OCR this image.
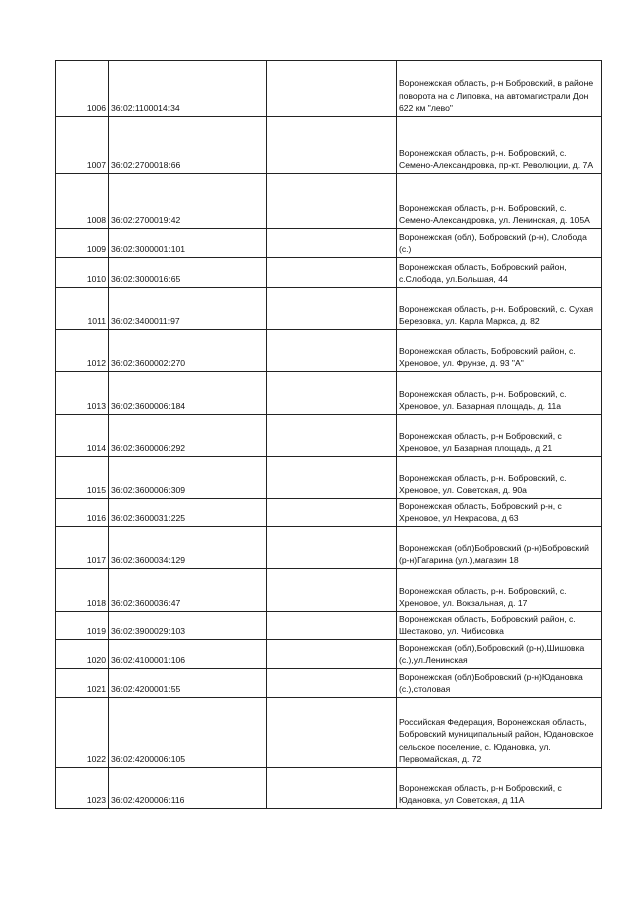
1006	36:02:1100014:34		Воронежская область, р-н Бобровский, в районе поворота на с Липовка, на автомагистрали Дон 622 км "лево"
1007	36:02:2700018:66		Воронежская область, р-н. Бобровский, с. Семено-Александровка, пр-кт. Революции, д. 7А
1008	36:02:2700019:42		Воронежская область, р-н. Бобровский, с. Семено-Александровка, ул. Ленинская, д. 105А
1009	36:02:3000001:101		Воронежская (обл), Бобровский (р-н), Слобода (с.)
1010	36:02:3000016:65		Воронежская область, Бобровский район, с.Слобода, ул.Большая, 44
1011	36:02:3400011:97		Воронежская область, р-н. Бобровский, с. Сухая Березовка, ул. Карла Маркса, д. 82
1012	36:02:3600002:270		Воронежская область, Бобровский район, с. Хреновое, ул. Фрунзе, д. 93 "А"
1013	36:02:3600006:184		Воронежская область, р-н. Бобровский, с. Хреновое, ул. Базарная площадь, д. 11а
1014	36:02:3600006:292		Воронежская область, р-н Бобровский, с Хреновое, ул Базарная площадь, д 21
1015	36:02:3600006:309		Воронежская область, р-н. Бобровский, с. Хреновое, ул. Советская, д. 90а
1016	36:02:3600031:225		Воронежская область, Бобровский р-н, с Хреновое, ул Некрасова, д 63
1017	36:02:3600034:129		Воронежская (обл)Бобровский (р-н)Бобровский (р-н)Гагарина (ул.),магазин 18
1018	36:02:3600036:47		Воронежская область, р-н. Бобровский, с. Хреновое, ул. Вокзальная, д. 17
1019	36:02:3900029:103		Воронежская область, Бобровский район, с. Шестаково, ул. Чибисовка
1020	36:02:4100001:106		Воронежская (обл),Бобровский (р-н),Шишовка (с.),ул.Ленинская
1021	36:02:4200001:55		Воронежская (обл)Бобровский (р-н)Юдановка (с.),столовая
1022	36:02:4200006:105		Российская Федерация, Воронежская область, Бобровский муниципальный район, Юдановское сельское поселение, с. Юдановка, ул. Первомайская, д. 72
1023	36:02:4200006:116		Воронежская область, р-н Бобровский, с Юдановка, ул Советская, д 11А
